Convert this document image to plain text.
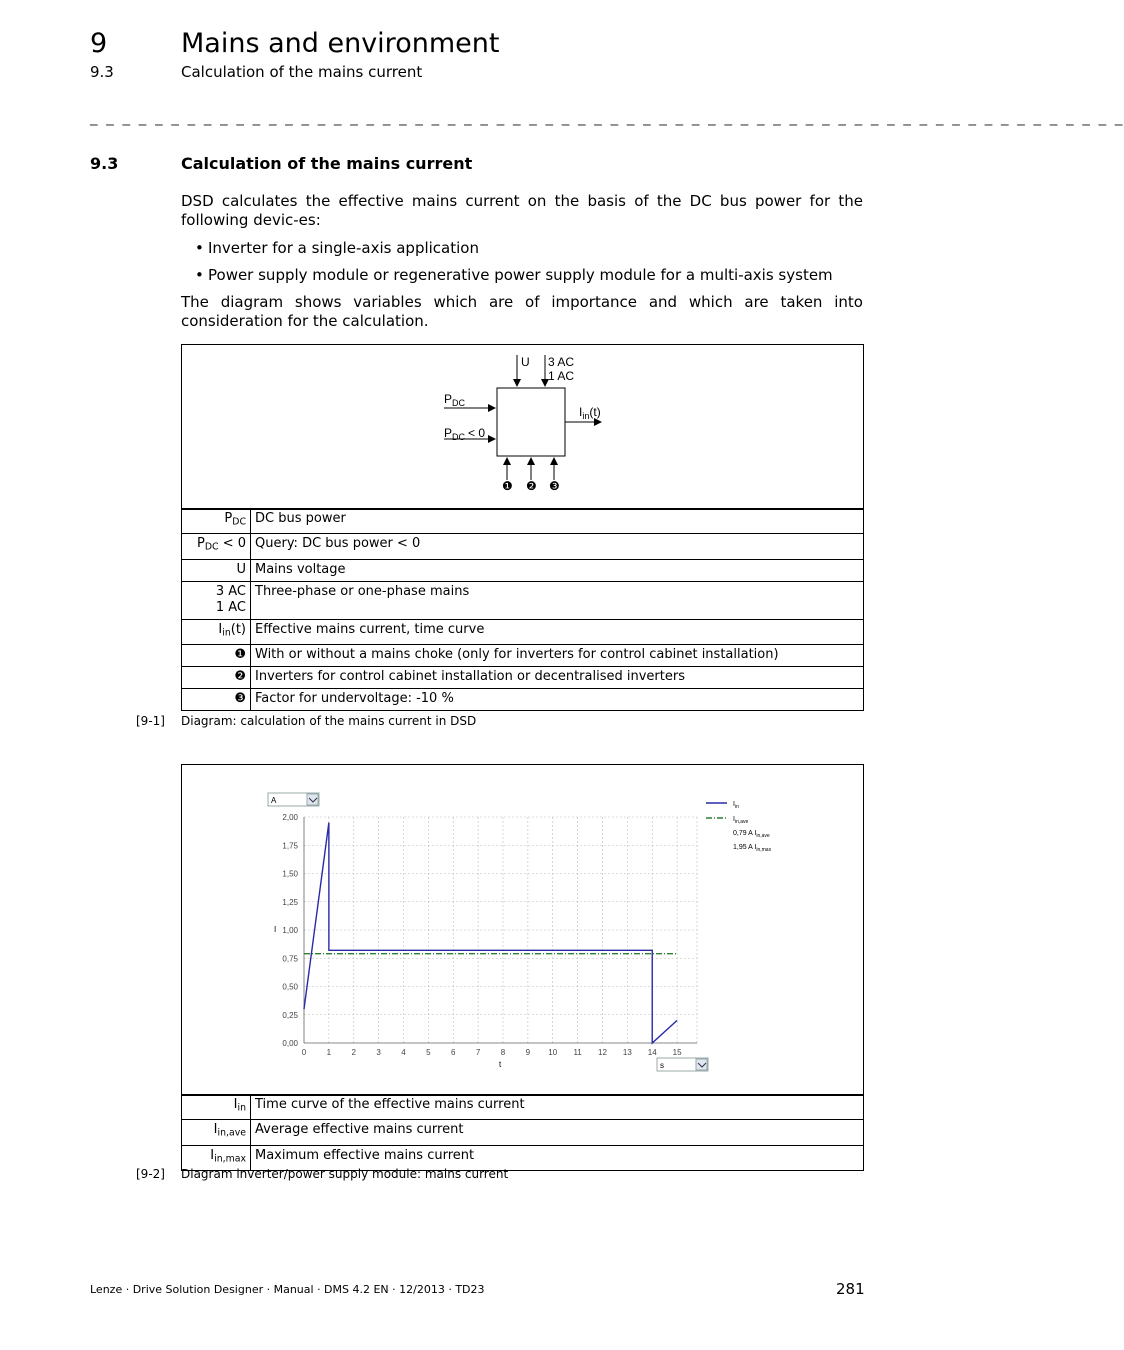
9	Mains and environment
9.3	Calculation of the mains current
_ _ _ _ _ _ _ _ _ _ _ _ _ _ _ _ _ _ _ _ _ _ _ _ _ _ _ _ _ _ _ _ _ _ _ _ _ _ _ _ _ _ _ _ _ _ _ _ _ _ _ _ _ _ _ _ _ _ _ _ _ _ _ _
9.3	Calculation of the mains current
DSD calculates the effective mains current on the basis of the DC bus power for the following devic-es:
• Inverter for a single-axis application
• Power supply module or regenerative power supply module for a multi-axis system
The diagram shows variables which are of importance and which are taken into consideration for the calculation.
U 3 AC
1 AC
$P_{DC}$
$P_{DC} < 0$
$I_{in}(t)$
❶ ❷ ❸
$P_{DC}$	DC bus power
$P_{DC} < 0$	Query: DC bus power < 0
U	Mains voltage

3 AC
1 AC	Three-phase or one-phase mains
$I_{in}(t)$	Effective mains current, time curve
❶	With or without a mains choke (only for inverters for control cabinet installation)
❷	Inverters for control cabinet installation or decentralised inverters
❸	Factor for undervoltage: -10 %
[9-1] Diagram: calculation of the mains current in DSD
A
s
0	1	2	3	4	5	6	7	8	9 10 11 12 13 14 15
0,00
0,25
0,50
0,75
1,00
1,25
1,50
1,75
2,00
I
t
$I_{in}$
$I_{in,ave}$
0,79 A $I_{in,ave}$
1,95 A $I_{in,max}$
$I_{in}$	Time curve of the effective mains current
$I_{in,ave}$	Average effective mains current
$I_{in,max}$	Maximum effective mains current
[9-2] Diagram inverter/power supply module: mains current
Lenze · Drive Solution Designer · Manual · DMS 4.2 EN · 12/2013 · TD23	281
